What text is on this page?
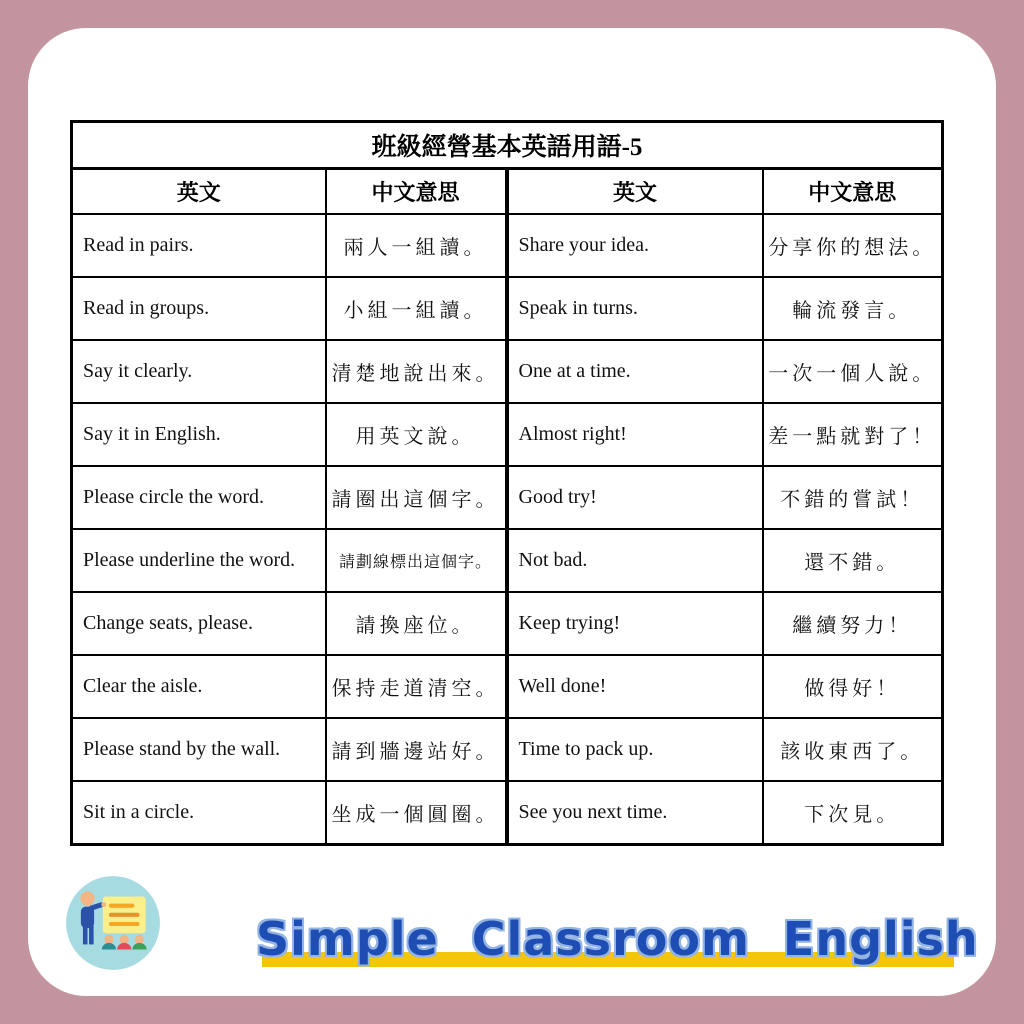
班級經營基本英語用語-5			
英文	中文意思	英文	中文意思
Read in pairs.	兩人一組讀。	Share your idea.	分享你的想法。
Read in groups.	小組一組讀。	Speak in turns.	輪流發言。
Say it clearly.	清楚地說出來。	One at a time.	一次一個人說。
Say it in English.	用英文說。	Almost right!	差一點就對了！
Please circle the word.	請圈出這個字。	Good try!	不錯的嘗試！
Please underline the word.	請劃線標出這個字。	Not bad.	還不錯。
Change seats, please.	請換座位。	Keep trying!	繼續努力！
Clear the aisle.	保持走道清空。	Well done!	做得好！
Please stand by the wall.	請到牆邊站好。	Time to pack up.	該收東西了。
Sit in a circle.	坐成一個圓圈。	See you next time.	下次見。
Simple Classroom English
